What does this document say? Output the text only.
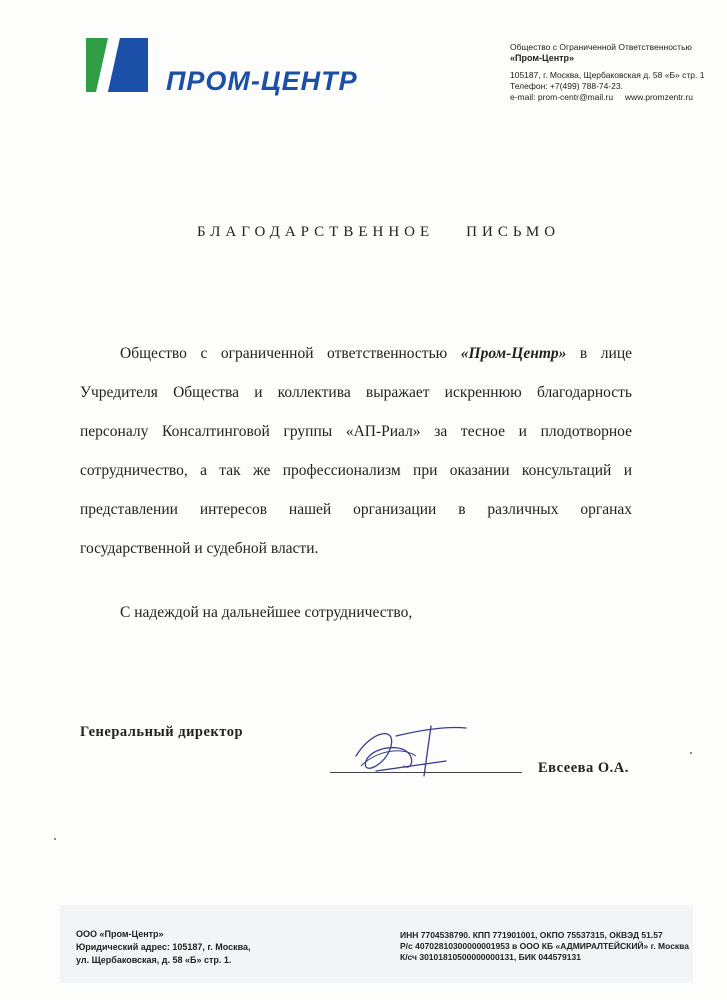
ПРОМ-ЦЕНТР
Общество с Ограниченной Ответственностью
«Пром-Центр»
105187, г. Москва, Щербаковская д. 58 «Б» стр. 1
Телефон: +7(499) 788-74-23.
e-mail: prom-centr@mail.ru www.promzentr.ru
БЛАГОДАРСТВЕННОЕ ПИСЬМО
Общество с ограниченной ответственностью «Пром-Центр» в лице Учредителя Общества и коллектива выражает искреннюю благодарность персоналу Консалтинговой группы «АП-Риал» за тесное и плодотворное сотрудничество, а так же профессионализм при оказании консультаций и представлении интересов нашей организации в различных органах государственной и судебной власти.
С надеждой на дальнейшее сотрудничество,
Генеральный директор
Евсеева О.А.
ООО «Пром-Центр»
Юридический адрес: 105187, г. Москва,
ул. Щербаковская, д. 58 «Б» стр. 1.
ИНН 7704538790. КПП 771901001, ОКПО 75537315, ОКВЭД 51.57
Р/с 40702810300000001953 в ООО КБ «АДМИРАЛТЕЙСКИЙ» г. Москва
К/сч 30101810500000000131, БИК 044579131
